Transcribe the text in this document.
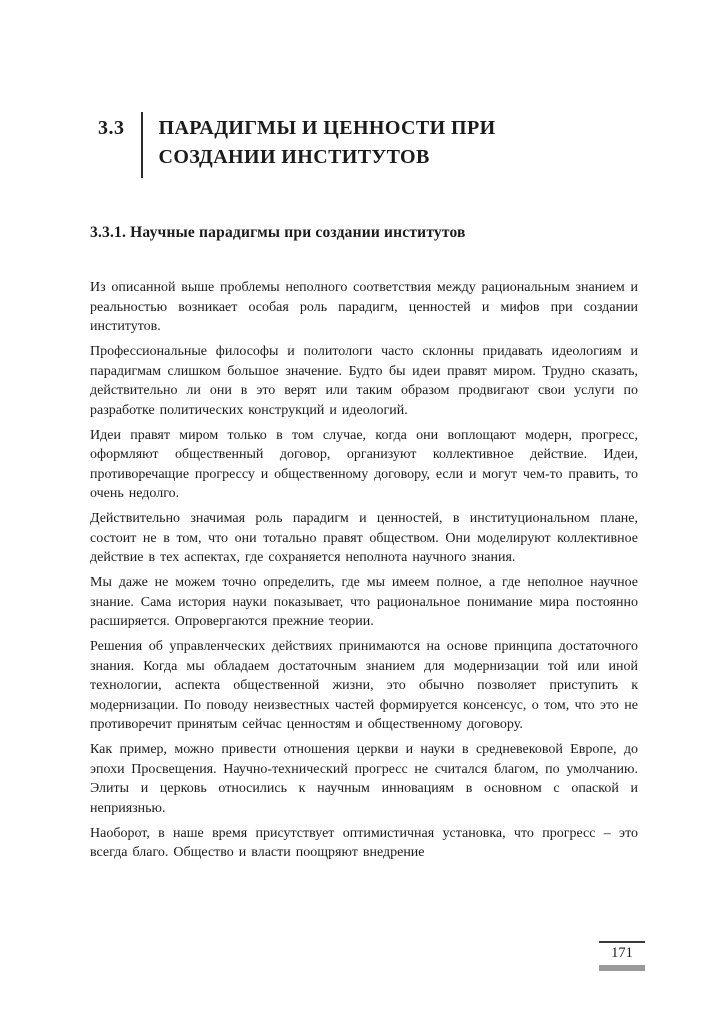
3.3	ПАРАДИГМЫ И ЦЕННОСТИ ПРИ СОЗДАНИИ ИНСТИТУТОВ
3.3.1. Научные парадигмы при создании институтов

Из описанной выше проблемы неполного соответствия между рациональным знанием и реальностью возникает особая роль парадигм, ценностей и мифов при создании институтов.

Профессиональные философы и политологи часто склонны придавать идеологиям и парадигмам слишком большое значение. Будто бы идеи правят миром. Трудно сказать, действительно ли они в это верят или таким образом продвигают свои услуги по разработке политических конструкций и идеологий.

Идеи правят миром только в том случае, когда они воплощают модерн, прогресс, оформляют общественный договор, организуют коллективное действие. Идеи, противоречащие прогрессу и общественному договору, если и могут чем-то править, то очень недолго.

Действительно значимая роль парадигм и ценностей, в институциональном плане, состоит не в том, что они тотально правят обществом. Они моделируют коллективное действие в тех аспектах, где сохраняется неполнота научного знания.

Мы даже не можем точно определить, где мы имеем полное, а где неполное научное знание. Сама история науки показывает, что рациональное понимание мира постоянно расширяется. Опровергаются прежние теории.

Решения об управленческих действиях принимаются на основе принципа достаточного знания. Когда мы обладаем достаточным знанием для модернизации той или иной технологии, аспекта общественной жизни, это обычно позволяет приступить к модернизации. По поводу неизвестных частей формируется консенсус, о том, что это не противоречит принятым сейчас ценностям и общественному договору.

Как пример, можно привести отношения церкви и науки в средневековой Европе, до эпохи Просвещения. Научно-технический прогресс не считался благом, по умолчанию. Элиты и церковь относились к научным инновациям в основном с опаской и неприязнью.

Наоборот, в наше время присутствует оптимистичная установка, что прогресс – это всегда благо. Общество и власти поощряют внедрение

171
